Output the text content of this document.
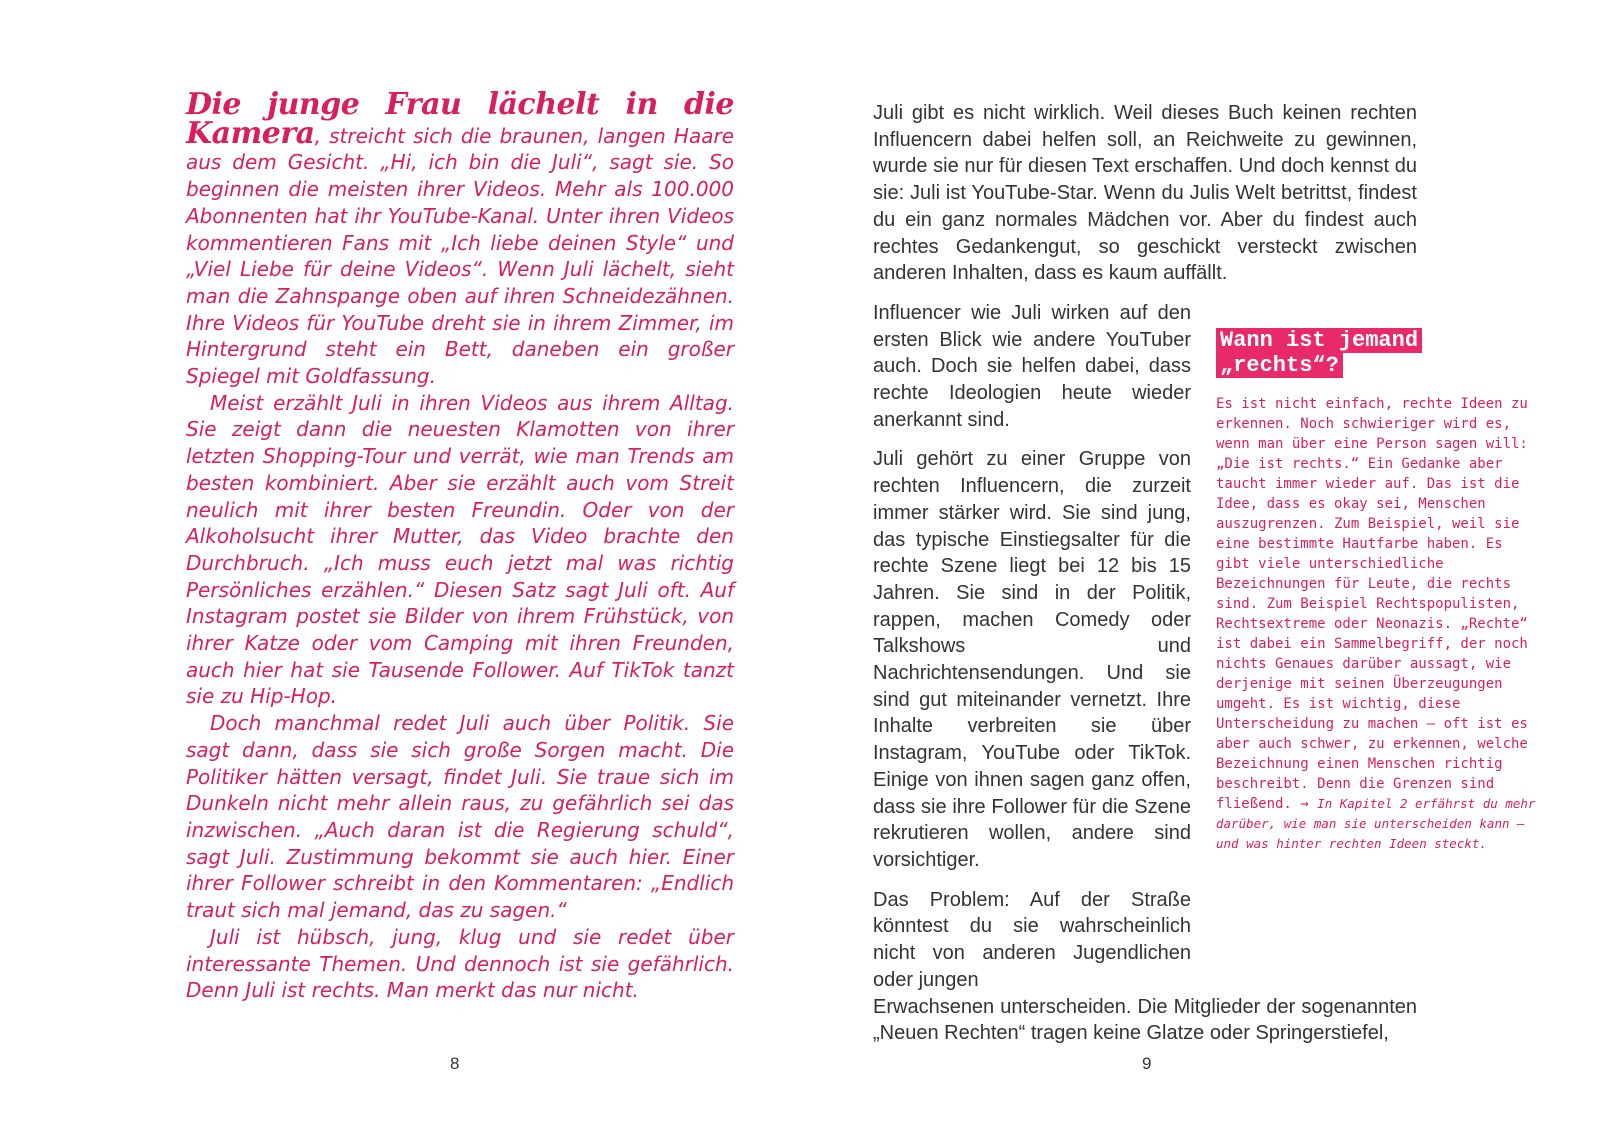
Die junge Frau lächelt in die Kamera, streicht sich die braunen, langen Haare aus dem Gesicht. „Hi, ich bin die Juli“, sagt sie. So beginnen die meisten ihrer Videos. Mehr als 100.000 Abonnenten hat ihr YouTube-Kanal. Unter ihren Videos kommentieren Fans mit „Ich liebe deinen Style“ und „Viel Liebe für deine Videos“. Wenn Juli lächelt, sieht man die Zahnspange oben auf ihren Schneidezähnen. Ihre Videos für YouTube dreht sie in ihrem Zimmer, im Hintergrund steht ein Bett, daneben ein großer Spiegel mit Goldfassung.

Meist erzählt Juli in ihren Videos aus ihrem Alltag. Sie zeigt dann die neuesten Klamotten von ihrer letzten Shopping-Tour und verrät, wie man Trends am besten kombiniert. Aber sie erzählt auch vom Streit neulich mit ihrer besten Freundin. Oder von der Alkoholsucht ihrer Mutter, das Video brachte den Durchbruch. „Ich muss euch jetzt mal was richtig Persönliches erzählen.“ Diesen Satz sagt Juli oft. Auf Instagram postet sie Bilder von ihrem Frühstück, von ihrer Katze oder vom Camping mit ihren Freunden, auch hier hat sie Tausende Follower. Auf TikTok tanzt sie zu Hip-Hop.

Doch manchmal redet Juli auch über Politik. Sie sagt dann, dass sie sich große Sorgen macht. Die Politiker hätten versagt, findet Juli. Sie traue sich im Dunkeln nicht mehr allein raus, zu gefährlich sei das inzwischen. „Auch daran ist die Regierung schuld“, sagt Juli. Zustimmung bekommt sie auch hier. Einer ihrer Follower schreibt in den Kommentaren: „Endlich traut sich mal jemand, das zu sagen.“

Juli ist hübsch, jung, klug und sie redet über interessante Themen. Und dennoch ist sie gefährlich. Denn Juli ist rechts. Man merkt das nur nicht.

8

Juli gibt es nicht wirklich. Weil dieses Buch keinen rechten Influencern dabei helfen soll, an Reichweite zu gewinnen, wurde sie nur für diesen Text erschaffen. Und doch kennst du sie: Juli ist YouTube-Star. Wenn du Julis Welt betrittst, findest du ein ganz normales Mädchen vor. Aber du findest auch rechtes Gedankengut, so geschickt versteckt zwischen anderen Inhalten, dass es kaum auffällt.

Influencer wie Juli wirken auf den ersten Blick wie andere YouTuber auch. Doch sie helfen dabei, dass rechte Ideologien heute wieder anerkannt sind.

Juli gehört zu einer Gruppe von rechten Influencern, die zurzeit immer stärker wird. Sie sind jung, das typische Einstiegsalter für die rechte Szene liegt bei 12 bis 15 Jahren. Sie sind in der Politik, rappen, machen Comedy oder Talkshows und Nachrichtensendungen. Und sie sind gut miteinander vernetzt. Ihre Inhalte verbreiten sie über Instagram, YouTube oder TikTok. Einige von ihnen sagen ganz offen, dass sie ihre Follower für die Szene rekrutieren wollen, andere sind vorsichtiger.

Das Problem: Auf der Straße könntest du sie wahrscheinlich nicht von anderen Jugendlichen oder jungen

Erwachsenen unterscheiden. Die Mitglieder der sogenannten „Neuen Rechten“ tragen keine Glatze oder Springerstiefel,

Wann ist jemand „rechts“?

Es ist nicht einfach, rechte Ideen zu erkennen. Noch schwieriger wird es, wenn man über eine Person sagen will: „Die ist rechts.“ Ein Gedanke aber taucht immer wieder auf. Das ist die Idee, dass es okay sei, Menschen auszugrenzen. Zum Beispiel, weil sie eine bestimmte Hautfarbe haben. Es gibt viele unterschiedliche Bezeichnungen für Leute, die rechts sind. Zum Beispiel Rechtspopulisten, Rechtsextreme oder Neonazis. „Rechte“ ist dabei ein Sammelbegriff, der noch nichts Genaues darüber aussagt, wie derjenige mit seinen Überzeugungen umgeht. Es ist wichtig, diese Unterscheidung zu machen – oft ist es aber auch schwer, zu erkennen, welche Bezeichnung einen Menschen richtig beschreibt. Denn die Grenzen sind fließend. → In Kapitel 2 erfährst du mehr darüber, wie man sie unterscheiden kann – und was hinter rechten Ideen steckt.

9
